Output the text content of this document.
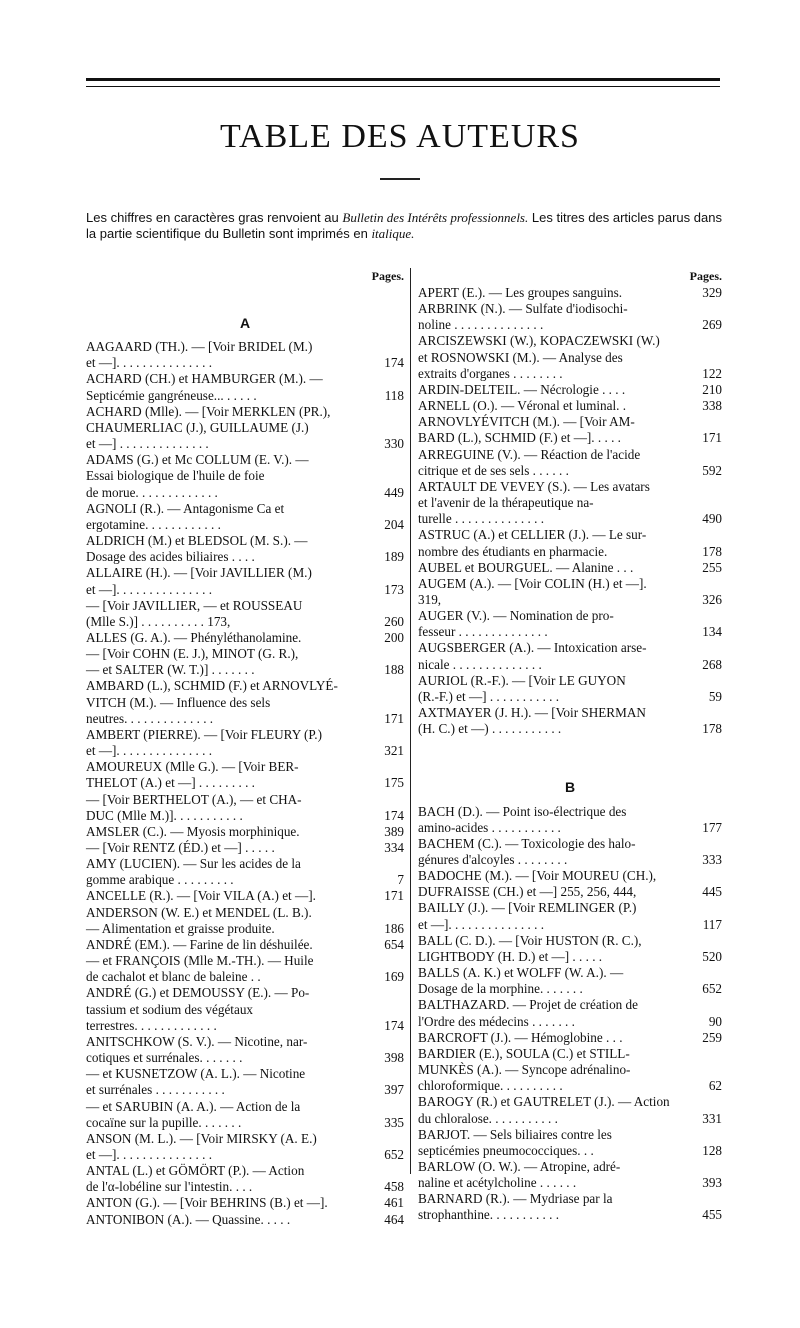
TABLE DES AUTEURS
Les chiffres en caractères gras renvoient au Bulletin des Intérêts professionnels. Les titres des articles parus dans la partie scientifique du Bulletin sont imprimés en italique.
Pages.
A
AAGAARD (TH.). — [Voir BRIDEL (M.)
et —]. . . . . . . . . . . . . . .	174
ACHARD (CH.) et HAMBURGER (M.). —
Septicémie gangréneuse... . . . . .	118
ACHARD (Mlle). — [Voir MERKLEN (PR.),
CHAUMERLIAC (J.), GUILLAUME (J.)
et —] . . . . . . . . . . . . . .	330
ADAMS (G.) et Mc COLLUM (E. V.). —
Essai biologique de l'huile de foie
de morue. . . . . . . . . . . . .	449
AGNOLI (R.). — Antagonisme Ca et
ergotamine. . . . . . . . . . . .	204
ALDRICH (M.) et BLEDSOL (M. S.). —
Dosage des acides biliaires . . . .	189
ALLAIRE (H.). — [Voir JAVILLIER (M.)
et —]. . . . . . . . . . . . . . .	173
— [Voir JAVILLIER, — et ROUSSEAU
(Mlle S.)] . . . . . . . . . . 173,	260
ALLES (G. A.). — Phényléthanolamine.	200
— [Voir COHN (E. J.), MINOT (G. R.),
— et SALTER (W. T.)] . . . . . . .	188
AMBARD (L.), SCHMID (F.) et ARNOVLYÉ-
VITCH (M.). — Influence des sels
neutres. . . . . . . . . . . . . .	171
AMBERT (PIERRE). — [Voir FLEURY (P.)
et —]. . . . . . . . . . . . . . .	321
AMOUREUX (Mlle G.). — [Voir BER-
THELOT (A.) et —] . . . . . . . . .	175
— [Voir BERTHELOT (A.), — et CHA-
DUC (Mlle M.)]. . . . . . . . . . .	174
AMSLER (C.). — Myosis morphinique.	389
— [Voir RENTZ (ÉD.) et —] . . . . .	334
AMY (LUCIEN). — Sur les acides de la
gomme arabique . . . . . . . . .	7
ANCELLE (R.). — [Voir VILA (A.) et —].	171
ANDERSON (W. E.) et MENDEL (L. B.).
— Alimentation et graisse produite.	186
ANDRÉ (EM.). — Farine de lin déshuilée.	654
— et FRANÇOIS (Mlle M.-TH.). — Huile
de cachalot et blanc de baleine . .	169
ANDRÉ (G.) et DEMOUSSY (E.). — Po-
tassium et sodium des végétaux
terrestres. . . . . . . . . . . . .	174
ANITSCHKOW (S. V.). — Nicotine, nar-
cotiques et surrénales. . . . . . .	398
— et KUSNETZOW (A. L.). — Nicotine
et surrénales . . . . . . . . . . .	397
— et SARUBIN (A. A.). — Action de la
cocaïne sur la pupille. . . . . . .	335
ANSON (M. L.). — [Voir MIRSKY (A. E.)
et —]. . . . . . . . . . . . . . .	652
ANTAL (L.) et GÖMÖRT (P.). — Action
de l'α-lobéline sur l'intestin. . . .	458
ANTON (G.). — [Voir BEHRINS (B.) et —].	461
ANTONIBON (A.). — Quassine. . . . .	464
Pages.
APERT (E.). — Les groupes sanguins.	329
ARBRINK (N.). — Sulfate d'iodisochi-
noline . . . . . . . . . . . . . .	269
ARCISZEWSKI (W.), KOPACZEWSKI (W.)
et ROSNOWSKI (M.). — Analyse des
extraits d'organes . . . . . . . .	122
ARDIN-DELTEIL. — Nécrologie . . . .	210
ARNELL (O.). — Véronal et luminal. .	338
ARNOVLYÉVITCH (M.). — [Voir AM-
BARD (L.), SCHMID (F.) et —]. . . . .	171
ARREGUINE (V.). — Réaction de l'acide
citrique et de ses sels . . . . . .	592
ARTAULT DE VEVEY (S.). — Les avatars
et l'avenir de la thérapeutique na-
turelle . . . . . . . . . . . . . .	490
ASTRUC (A.) et CELLIER (J.). — Le sur-
nombre des étudiants en pharmacie.	178
AUBEL et BOURGUEL. — Alanine . . .	255
AUGEM (A.). — [Voir COLIN (H.) et —].
319,	326
AUGER (V.). — Nomination de pro-
fesseur . . . . . . . . . . . . . .	134
AUGSBERGER (A.). — Intoxication arse-
nicale . . . . . . . . . . . . . .	268
AURIOL (R.-F.). — [Voir LE GUYON
(R.-F.) et —] . . . . . . . . . . .	59
AXTMAYER (J. H.). — [Voir SHERMAN
(H. C.) et —) . . . . . . . . . . .	178
B
BACH (D.). — Point iso-électrique des
amino-acides . . . . . . . . . . .	177
BACHEM (C.). — Toxicologie des halo-
génures d'alcoyles . . . . . . . .	333
BADOCHE (M.). — [Voir MOUREU (CH.),
DUFRAISSE (CH.) et —] 255, 256, 444,	445
BAILLY (J.). — [Voir REMLINGER (P.)
et —]. . . . . . . . . . . . . . .	117
BALL (C. D.). — [Voir HUSTON (R. C.),
LIGHTBODY (H. D.) et —] . . . . .	520
BALLS (A. K.) et WOLFF (W. A.). —
Dosage de la morphine. . . . . . .	652
BALTHAZARD. — Projet de création de
l'Ordre des médecins . . . . . . .	90
BARCROFT (J.). — Hémoglobine . . .	259
BARDIER (E.), SOULA (C.) et STILL-
MUNKÈS (A.). — Syncope adrénalino-
chloroformique. . . . . . . . . .	62
BAROGY (R.) et GAUTRELET (J.). — Action
du chloralose. . . . . . . . . . .	331
BARJOT. — Sels biliaires contre les
septicémies pneumococciques. . .	128
BARLOW (O. W.). — Atropine, adré-
naline et acétylcholine . . . . . .	393
BARNARD (R.). — Mydriase par la
strophanthine. . . . . . . . . . .	455
